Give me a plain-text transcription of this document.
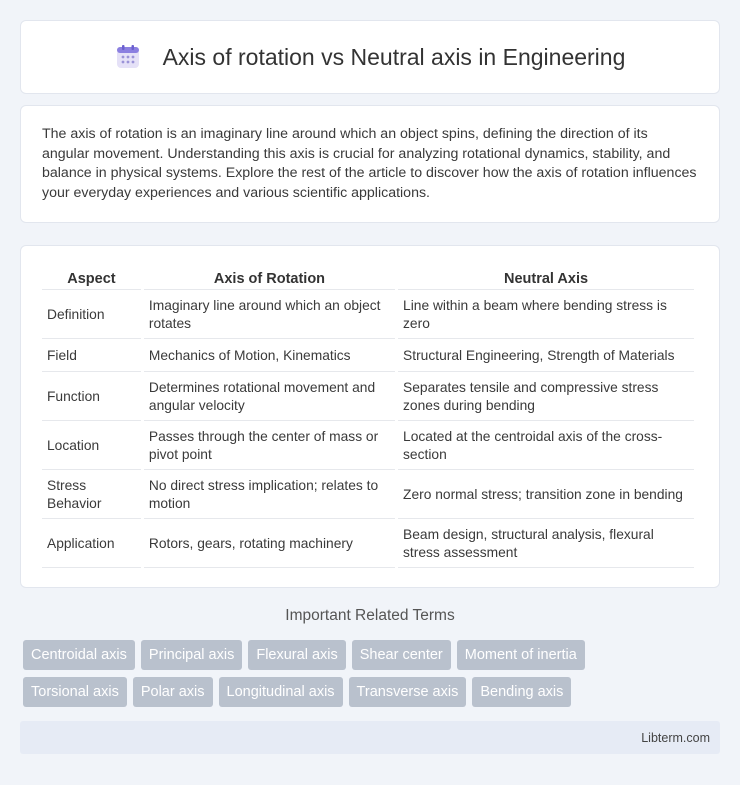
Axis of rotation vs Neutral axis in Engineering

The axis of rotation is an imaginary line around which an object spins, defining the direction of its angular movement. Understanding this axis is crucial for analyzing rotational dynamics, stability, and balance in physical systems. Explore the rest of the article to discover how the axis of rotation influences your everyday experiences and various scientific applications.

Aspect	Axis of Rotation	Neutral Axis
Definition	Imaginary line around which an object rotates	Line within a beam where bending stress is zero
Field	Mechanics of Motion, Kinematics	Structural Engineering, Strength of Materials
Function	Determines rotational movement and angular velocity	Separates tensile and compressive stress zones during bending
Location	Passes through the center of mass or pivot point	Located at the centroidal axis of the cross-section
Stress Behavior	No direct stress implication; relates to motion	Zero normal stress; transition zone in bending
Application	Rotors, gears, rotating machinery	Beam design, structural analysis, flexural stress assessment
Important Related Terms
Centroidal axis	Principal axis	Flexural axis	Shear center	Moment of inertia
Torsional axis	Polar axis	Longitudinal axis	Transverse axis	Bending axis
Libterm.com
